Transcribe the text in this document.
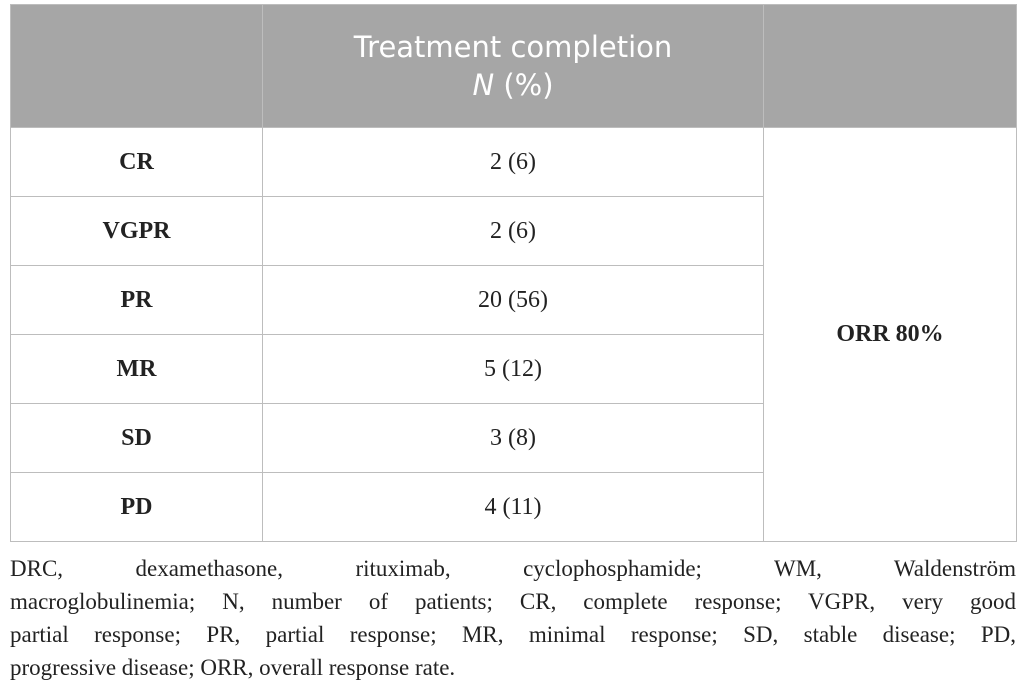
	Treatment completion
N (%)	

CR	2 (6)	ORR 80%
VGPR	2 (6)	
PR	20 (56)	
MR	5 (12)	
SD	3 (8)	
PD	4 (11)	

DRC, dexamethasone, rituximab, cyclophosphamide; WM, Waldenström
macroglobulinemia; N, number of patients; CR, complete response; VGPR, very good
partial response; PR, partial response; MR, minimal response; SD, stable disease; PD,
progressive disease; ORR, overall response rate.
